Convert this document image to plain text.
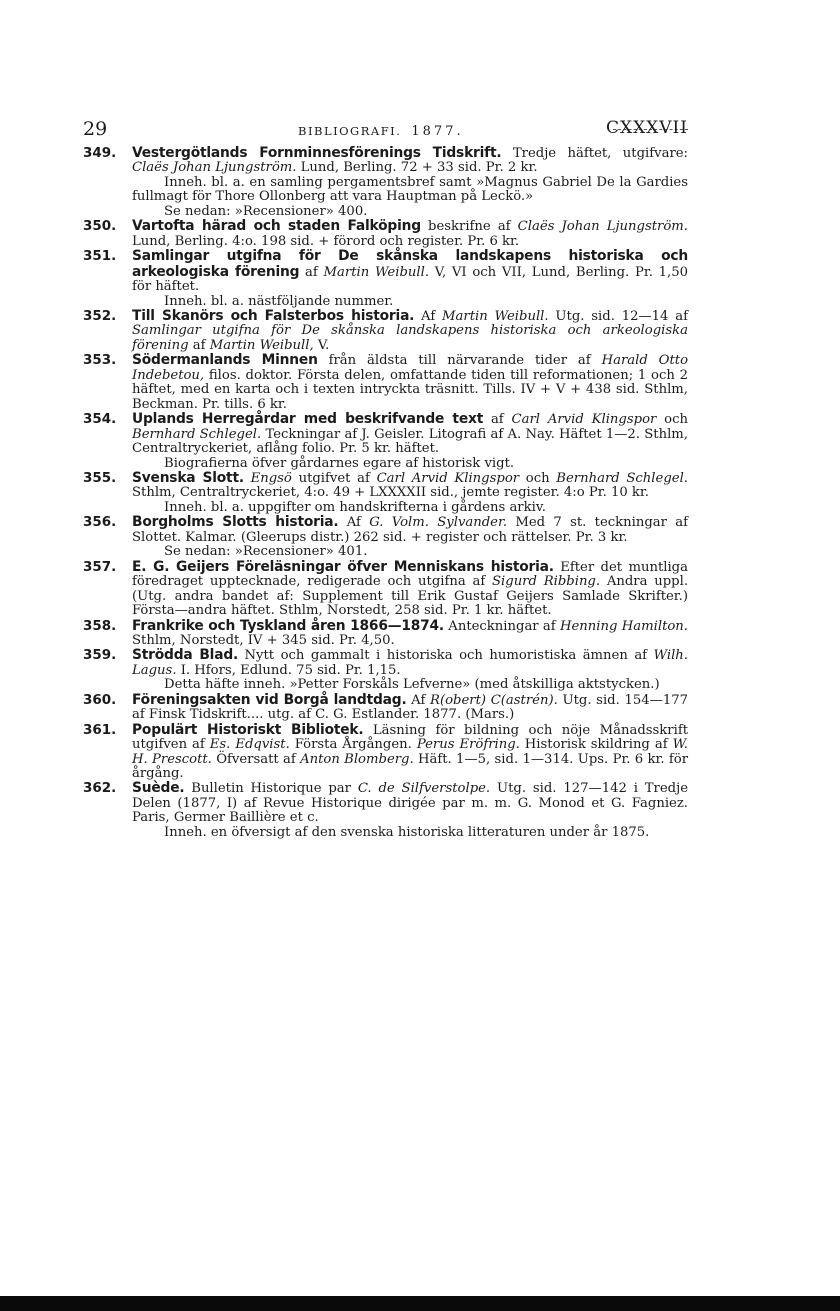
29	BIBLIOGRAFI. 1877.	CXXXVII
349. Vestergötlands Fornminnesförenings Tidskrift. Tredje häftet, utgifvare: Claës Johan Ljungström. Lund, Berling. 72 + 33 sid. Pr. 2 kr.
Inneh. bl. a. en samling pergamentsbref samt »Magnus Gabriel De la Gardies fullmagt för Thore Ollonberg att vara Hauptman på Leckö.»
Se nedan: »Recensioner» 400.
350. Vartofta härad och staden Falköping beskrifne af Claës Johan Ljungström. Lund, Berling. 4:o. 198 sid. + förord och register. Pr. 6 kr.
351. Samlingar utgifna för De skånska landskapens historiska och arkeologiska förening af Martin Weibull. V, VI och VII, Lund, Berling. Pr. 1,50 för häftet.
Inneh. bl. a. nästföljande nummer.
352. Till Skanörs och Falsterbos historia. Af Martin Weibull. Utg. sid. 12—14 af Samlingar utgifna för De skånska landskapens historiska och arkeologiska förening af Martin Weibull, V.
353. Södermanlands Minnen från äldsta till närvarande tider af Harald Otto Indebetou, filos. doktor. Första delen, omfattande tiden till reformationen; 1 och 2 häftet, med en karta och i texten intryckta träsnitt. Tills. IV + V + 438 sid. Sthlm, Beckman. Pr. tills. 6 kr.
354. Uplands Herregårdar med beskrifvande text af Carl Arvid Klingspor och Bernhard Schlegel. Teckningar af J. Geisler. Litografi af A. Nay. Häftet 1—2. Sthlm, Centraltryckeriet, aflång folio. Pr. 5 kr. häftet.
Biografierna öfver gårdarnes egare af historisk vigt.
355. Svenska Slott. Engsö utgifvet af Carl Arvid Klingspor och Bernhard Schlegel. Sthlm, Centraltryckeriet, 4:o. 49 + LXXXXII sid., jemte register. 4:o Pr. 10 kr.
Inneh. bl. a. uppgifter om handskrifterna i gårdens arkiv.
356. Borgholms Slotts historia. Af G. Volm. Sylvander. Med 7 st. teckningar af Slottet. Kalmar. (Gleerups distr.) 262 sid. + register och rättelser. Pr. 3 kr.
Se nedan: »Recensioner» 401.
357. E. G. Geijers Föreläsningar öfver Menniskans historia. Efter det muntliga föredraget upptecknade, redigerade och utgifna af Sigurd Ribbing. Andra uppl. (Utg. andra bandet af: Supplement till Erik Gustaf Geijers Samlade Skrifter.) Första—andra häftet. Sthlm, Norstedt, 258 sid. Pr. 1 kr. häftet.
358. Frankrike och Tyskland åren 1866—1874. Anteckningar af Henning Hamilton. Sthlm, Norstedt, IV + 345 sid. Pr. 4,50.
359. Strödda Blad. Nytt och gammalt i historiska och humoristiska ämnen af Wilh. Lagus. I. Hfors, Edlund. 75 sid. Pr. 1,15.
Detta häfte inneh. »Petter Forskåls Lefverne» (med åtskilliga aktstycken.)
360. Föreningsakten vid Borgå landtdag. Af R(obert) C(astrén). Utg. sid. 154—177 af Finsk Tidskrift.... utg. af C. G. Estlander. 1877. (Mars.)
361. Populärt Historiskt Bibliotek. Läsning för bildning och nöje Månadsskrift utgifven af Es. Edqvist. Första Årgången. Perus Eröfring. Historisk skildring af W. H. Prescott. Öfversatt af Anton Blomberg. Häft. 1—5, sid. 1—314. Ups. Pr. 6 kr. för årgång.
362. Suède. Bulletin Historique par C. de Silfverstolpe. Utg. sid. 127—142 i Tredje Delen (1877, I) af Revue Historique dirigée par m. m. G. Monod et G. Fagniez. Paris, Germer Baillière et c.
Inneh. en öfversigt af den svenska historiska litteraturen under år 1875.
